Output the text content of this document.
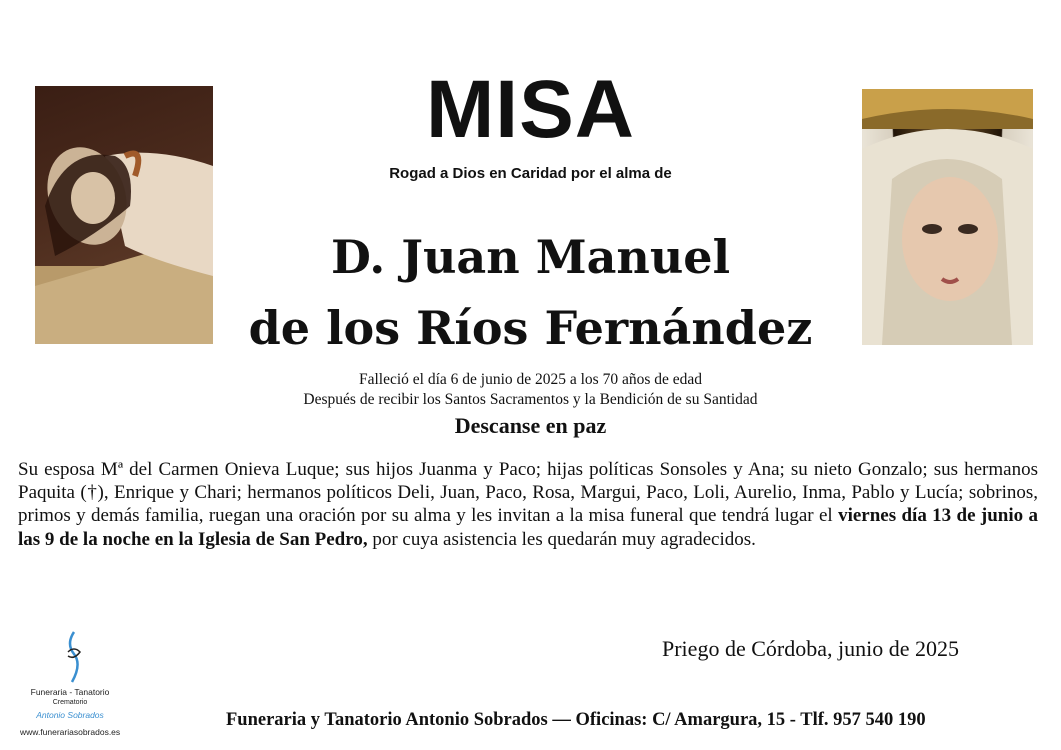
MISA
Rogad a Dios en Caridad por el alma de
D. Juan Manuel
de los Ríos Fernández
Falleció el día 6 de junio de 2025 a los 70 años de edad
Después de recibir los Santos Sacramentos y la Bendición de su Santidad
Descanse en paz
Su esposa Mª del Carmen Onieva Luque; sus hijos Juanma y Paco; hijas políticas Sonsoles y Ana; su nieto Gonzalo; sus hermanos Paquita (†), Enrique y Chari; hermanos políticos Deli, Juan, Paco, Rosa, Margui, Paco, Loli, Aurelio, Inma, Pablo y Lucía; sobrinos, primos y demás familia, ruegan una oración por su alma y les invitan a la misa funeral que tendrá lugar el viernes día 13 de junio a las 9 de la noche en la Iglesia de San Pedro, por cuya asistencia les quedarán muy agradecidos.
Priego de Córdoba, junio de 2025
Funeraria - Tanatorio
Crematorio
Antonio Sobrados
www.funerariasobrados.es
Funeraria y Tanatorio Antonio Sobrados — Oficinas: C/ Amargura, 15 - Tlf. 957 540 190
